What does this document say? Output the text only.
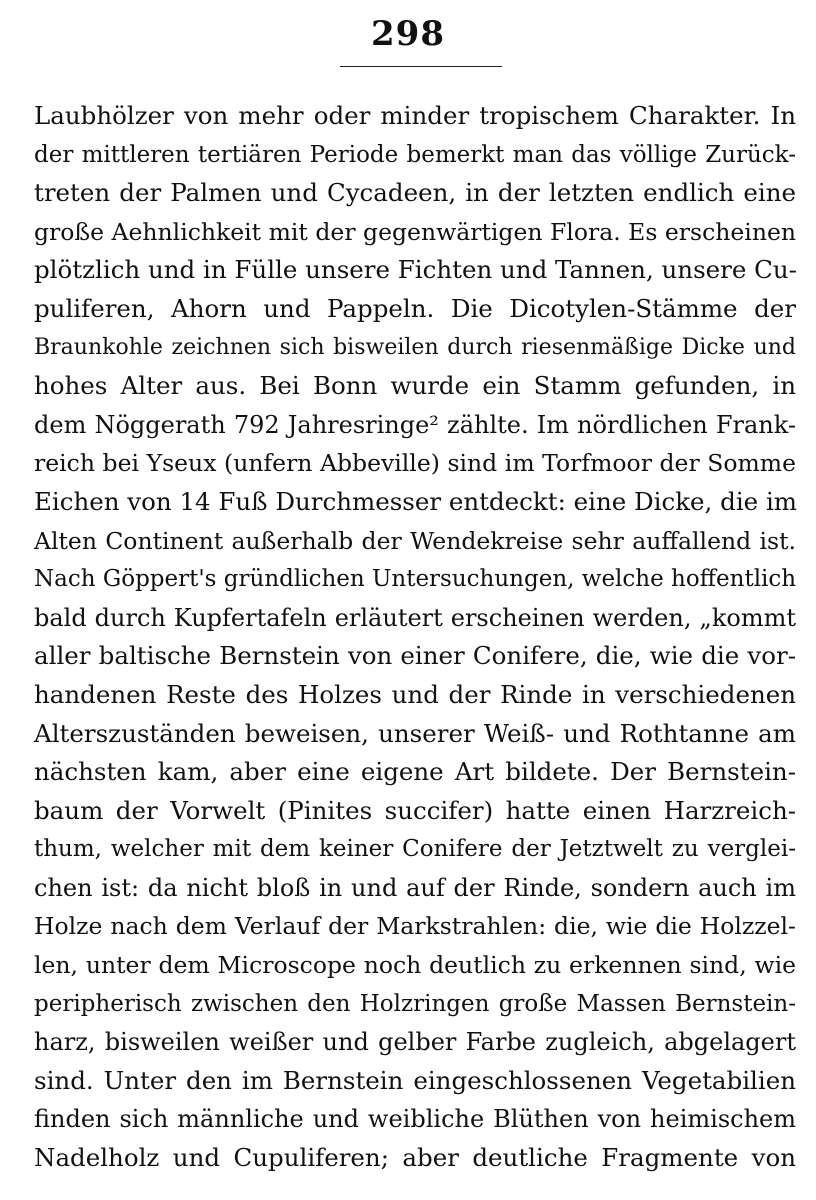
298
Laubhölzer von mehr oder minder tropischem Charakter. In
der mittleren tertiären Periode bemerkt man das völlige Zurück-
treten der Palmen und Cycadeen, in der letzten endlich eine
große Aehnlichkeit mit der gegenwärtigen Flora. Es erscheinen
plötzlich und in Fülle unsere Fichten und Tannen, unsere Cu-
puliferen, Ahorn und Pappeln. Die Dicotylen-Stämme der
Braunkohle zeichnen sich bisweilen durch riesenmäßige Dicke und
hohes Alter aus. Bei Bonn wurde ein Stamm gefunden, in
dem Nöggerath 792 Jahresringe² zählte. Im nördlichen Frank-
reich bei Yseux (unfern Abbeville) sind im Torfmoor der Somme
Eichen von 14 Fuß Durchmesser entdeckt: eine Dicke, die im
Alten Continent außerhalb der Wendekreise sehr auffallend ist.
Nach Göppert's gründlichen Untersuchungen, welche hoffentlich
bald durch Kupfertafeln erläutert erscheinen werden, „kommt
aller baltische Bernstein von einer Conifere, die, wie die vor-
handenen Reste des Holzes und der Rinde in verschiedenen
Alterszuständen beweisen, unserer Weiß- und Rothtanne am
nächsten kam, aber eine eigene Art bildete. Der Bernstein-
baum der Vorwelt (Pinites succifer) hatte einen Harzreich-
thum, welcher mit dem keiner Conifere der Jetztwelt zu verglei-
chen ist: da nicht bloß in und auf der Rinde, sondern auch im
Holze nach dem Verlauf der Markstrahlen: die, wie die Holzzel-
len, unter dem Microscope noch deutlich zu erkennen sind, wie
peripherisch zwischen den Holzringen große Massen Bernstein-
harz, bisweilen weißer und gelber Farbe zugleich, abgelagert
sind. Unter den im Bernstein eingeschlossenen Vegetabilien
finden sich männliche und weibliche Blüthen von heimischem
Nadelholz und Cupuliferen; aber deutliche Fragmente von
